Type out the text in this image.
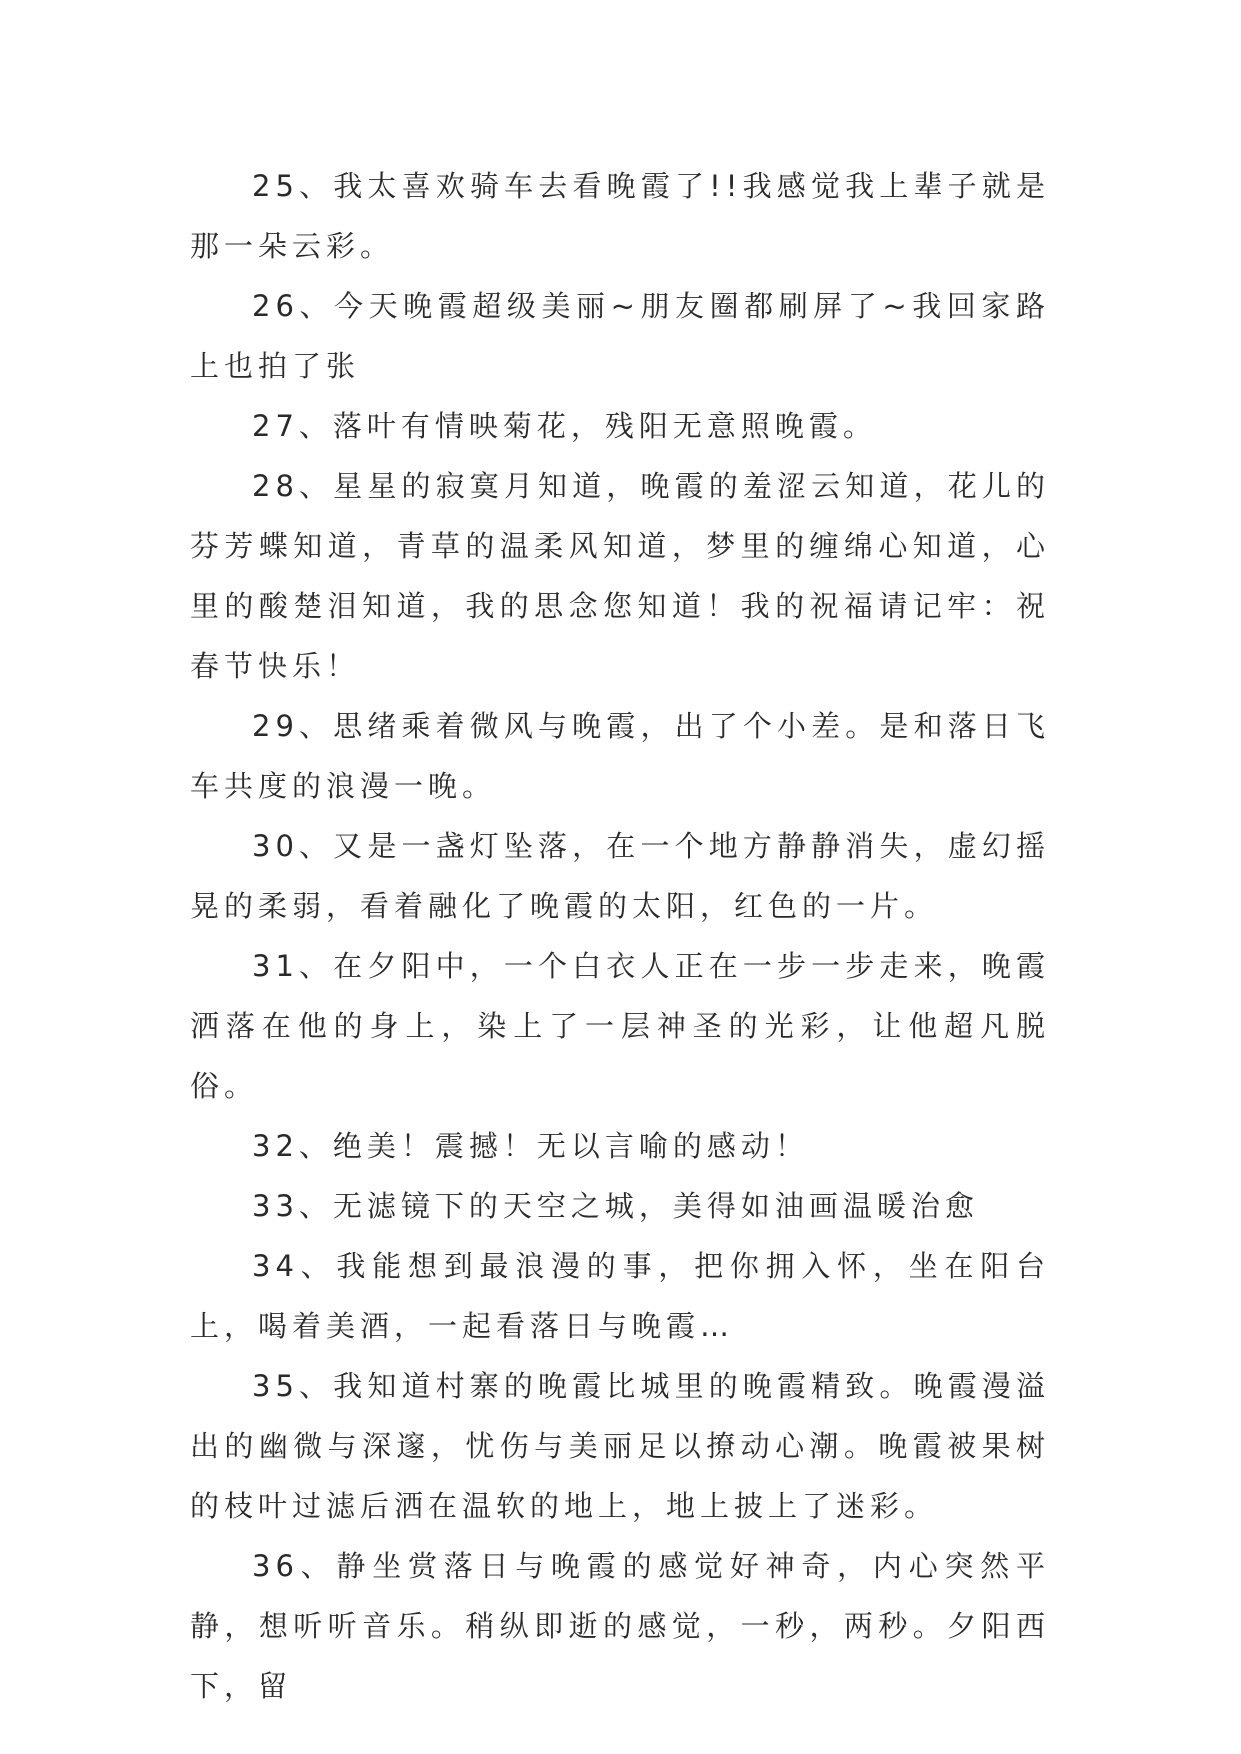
25、我太喜欢骑车去看晚霞了!!我感觉我上辈子就是那一朵云彩。

26、今天晚霞超级美丽~朋友圈都刷屏了~我回家路上也拍了张

27、落叶有情映菊花，残阳无意照晚霞。

28、星星的寂寞月知道，晚霞的羞涩云知道，花儿的芬芳蝶知道，青草的温柔风知道，梦里的缠绵心知道，心里的酸楚泪知道，我的思念您知道！我的祝福请记牢：祝春节快乐！

29、思绪乘着微风与晚霞，出了个小差。是和落日飞车共度的浪漫一晚。

30、又是一盏灯坠落，在一个地方静静消失，虚幻摇晃的柔弱，看着融化了晚霞的太阳，红色的一片。

31、在夕阳中，一个白衣人正在一步一步走来，晚霞洒落在他的身上，染上了一层神圣的光彩，让他超凡脱俗。

32、绝美！震撼！无以言喻的感动！

33、无滤镜下的天空之城，美得如油画温暖治愈

34、我能想到最浪漫的事，把你拥入怀，坐在阳台上，喝着美酒，一起看落日与晚霞…

35、我知道村寨的晚霞比城里的晚霞精致。晚霞漫溢出的幽微与深邃，忧伤与美丽足以撩动心潮。晚霞被果树的枝叶过滤后洒在温软的地上，地上披上了迷彩。

36、静坐赏落日与晚霞的感觉好神奇，内心突然平静，想听听音乐。稍纵即逝的感觉，一秒，两秒。夕阳西下，留
